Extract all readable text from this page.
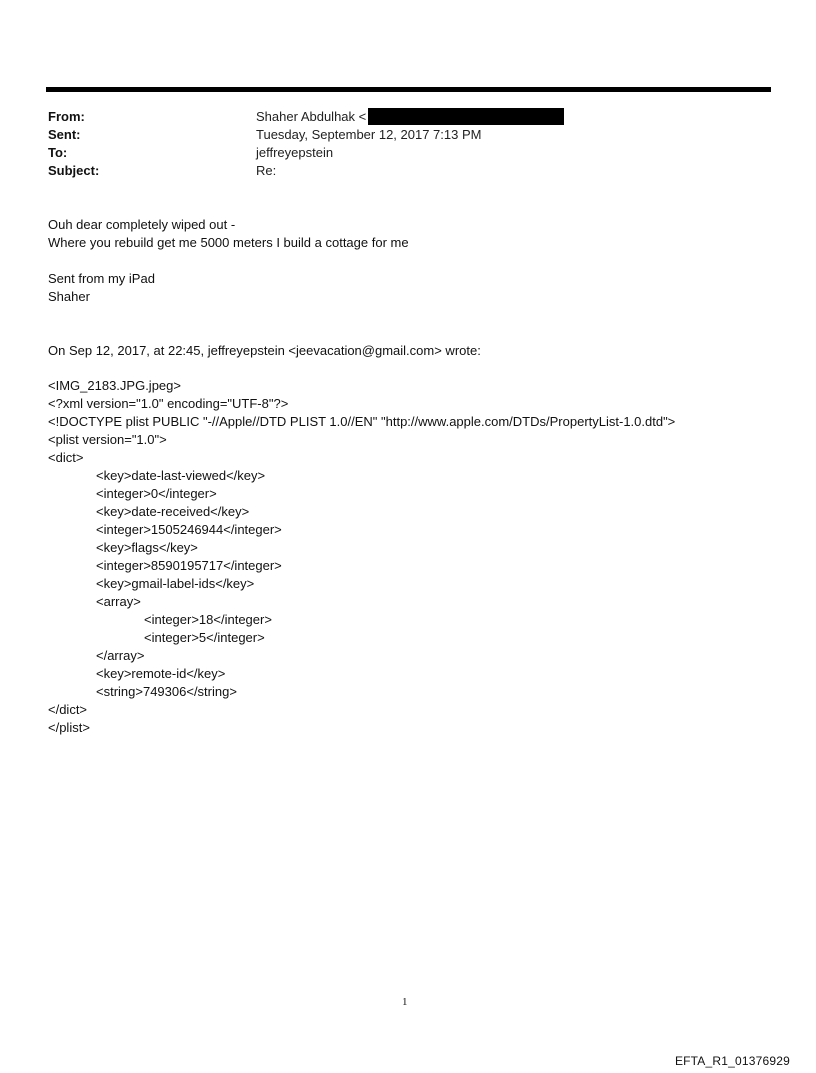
From:	Shaher Abdulhak <
Sent:	Tuesday, September 12, 2017 7:13 PM
To:	jeffreyepstein
Subject:	Re:
Ouh dear completely wiped out -
Where you rebuild get me 5000 meters I build a cottage for me
Sent from my iPad
Shaher
On Sep 12, 2017, at 22:45, jeffreyepstein <jeevacation@gmail.com> wrote:
<IMG_2183.JPG.jpeg>
<?xml version="1.0" encoding="UTF-8"?>
<!DOCTYPE plist PUBLIC "-//Apple//DTD PLIST 1.0//EN" "http://www.apple.com/DTDs/PropertyList-1.0.dtd">
<plist version="1.0">
<dict>
<key>date-last-viewed</key>
<integer>0</integer>
<key>date-received</key>
<integer>1505246944</integer>
<key>flags</key>
<integer>8590195717</integer>
<key>gmail-label-ids</key>
<array>
<integer>18</integer>
<integer>5</integer>
</array>
<key>remote-id</key>
<string>749306</string>
</dict>
</plist>
1
EFTA_R1_01376929
